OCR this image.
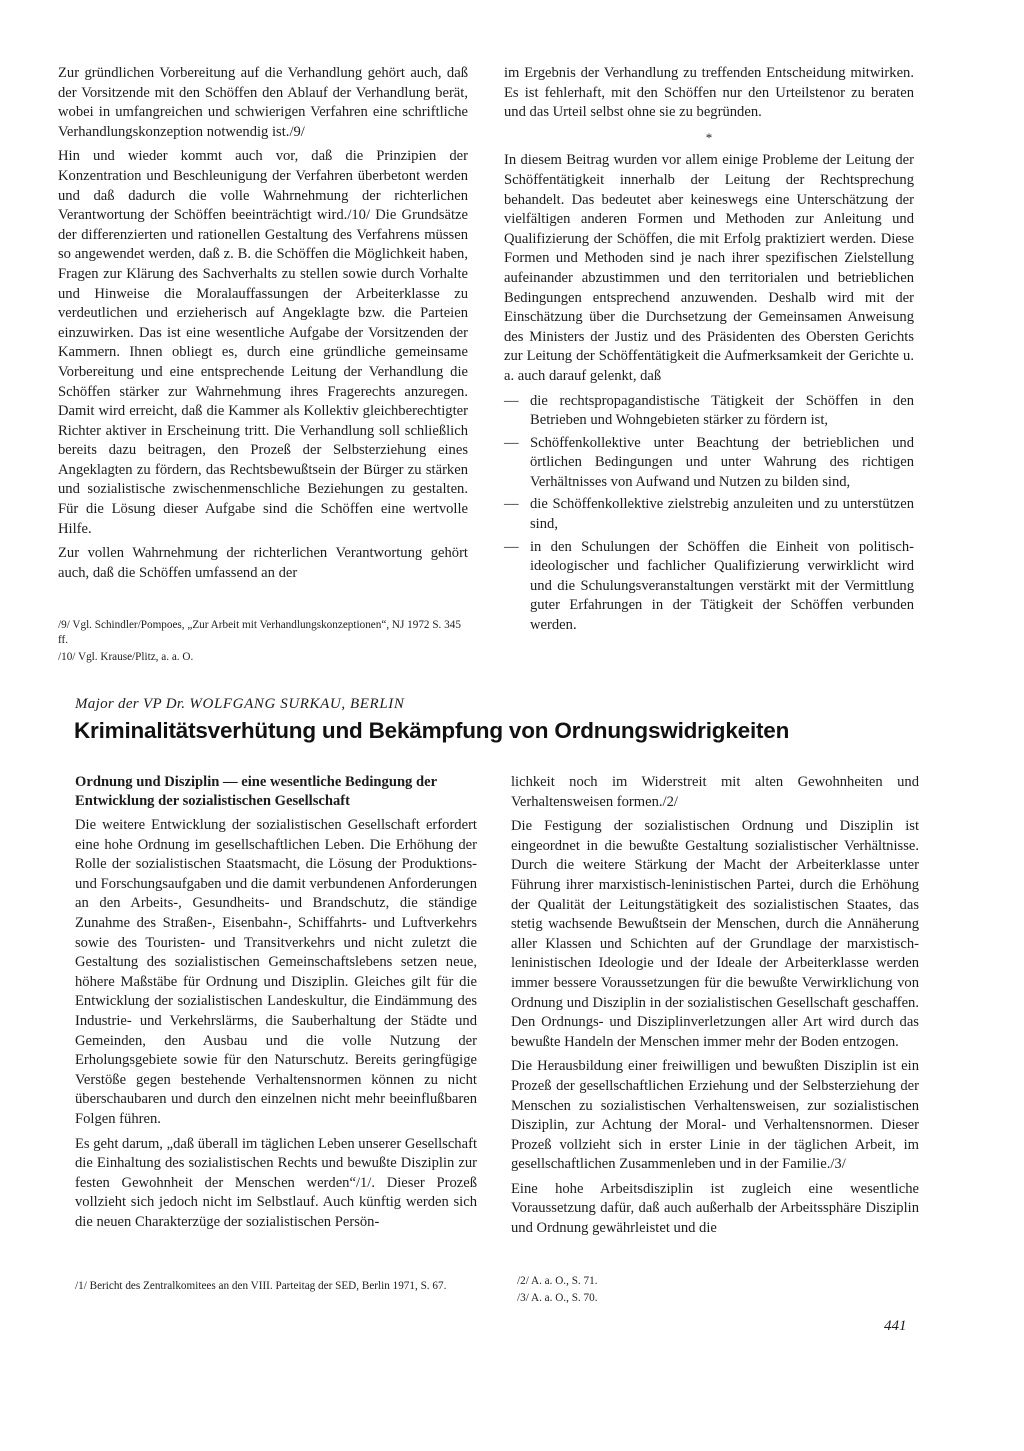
Zur gründlichen Vorbereitung auf die Verhandlung gehört auch, daß der Vorsitzende mit den Schöffen den Ablauf der Verhandlung berät, wobei in umfangreichen und schwierigen Verfahren eine schriftliche Verhandlungskonzeption notwendig ist./9/

Hin und wieder kommt auch vor, daß die Prinzipien der Konzentration und Beschleunigung der Verfahren überbetont werden und daß dadurch die volle Wahrnehmung der richterlichen Verantwortung der Schöffen beeinträchtigt wird./10/ Die Grundsätze der differenzierten und rationellen Gestaltung des Verfahrens müssen so angewendet werden, daß z. B. die Schöffen die Möglichkeit haben, Fragen zur Klärung des Sachverhalts zu stellen sowie durch Vorhalte und Hinweise die Moralauffassungen der Arbeiterklasse zu verdeutlichen und erzieherisch auf Angeklagte bzw. die Parteien einzuwirken. Das ist eine wesentliche Aufgabe der Vorsitzenden der Kammern. Ihnen obliegt es, durch eine gründliche gemeinsame Vorbereitung und eine entsprechende Leitung der Verhandlung die Schöffen stärker zur Wahrnehmung ihres Fragerechts anzuregen. Damit wird erreicht, daß die Kammer als Kollektiv gleichberechtigter Richter aktiver in Erscheinung tritt. Die Verhandlung soll schließlich bereits dazu beitragen, den Prozeß der Selbsterziehung eines Angeklagten zu fördern, das Rechtsbewußtsein der Bürger zu stärken und sozialistische zwischenmenschliche Beziehungen zu gestalten. Für die Lösung dieser Aufgabe sind die Schöffen eine wertvolle Hilfe.

Zur vollen Wahrnehmung der richterlichen Verantwortung gehört auch, daß die Schöffen umfassend an der

/9/ Vgl. Schindler/Pompoes, „Zur Arbeit mit Verhandlungskonzeptionen“, NJ 1972 S. 345 ff.

/10/ Vgl. Krause/Plitz, a. a. O.

im Ergebnis der Verhandlung zu treffenden Entscheidung mitwirken. Es ist fehlerhaft, mit den Schöffen nur den Urteilstenor zu beraten und das Urteil selbst ohne sie zu begründen.

*

In diesem Beitrag wurden vor allem einige Probleme der Leitung der Schöffentätigkeit innerhalb der Leitung der Rechtsprechung behandelt. Das bedeutet aber keineswegs eine Unterschätzung der vielfältigen anderen Formen und Methoden zur Anleitung und Qualifizierung der Schöffen, die mit Erfolg praktiziert werden. Diese Formen und Methoden sind je nach ihrer spezifischen Zielstellung aufeinander abzustimmen und den territorialen und betrieblichen Bedingungen entsprechend anzuwenden. Deshalb wird mit der Einschätzung über die Durchsetzung der Gemeinsamen Anweisung des Ministers der Justiz und des Präsidenten des Obersten Gerichts zur Leitung der Schöffentätigkeit die Aufmerksamkeit der Gerichte u. a. auch darauf gelenkt, daß

— die rechtspropagandistische Tätigkeit der Schöffen in den Betrieben und Wohngebieten stärker zu fördern ist,
— Schöffenkollektive unter Beachtung der betrieblichen und örtlichen Bedingungen und unter Wahrung des richtigen Verhältnisses von Aufwand und Nutzen zu bilden sind,
— die Schöffenkollektive zielstrebig anzuleiten und zu unterstützen sind,
— in den Schulungen der Schöffen die Einheit von politisch-ideologischer und fachlicher Qualifizierung verwirklicht wird und die Schulungsveranstaltungen verstärkt mit der Vermittlung guter Erfahrungen in der Tätigkeit der Schöffen verbunden werden.
Major der VP Dr. WOLFGANG SURKAU, BERLIN
Kriminalitätsverhütung und Bekämpfung von Ordnungswidrigkeiten

Ordnung und Disziplin — eine wesentliche Bedingung der Entwicklung der sozialistischen Gesellschaft

Die weitere Entwicklung der sozialistischen Gesellschaft erfordert eine hohe Ordnung im gesellschaftlichen Leben. Die Erhöhung der Rolle der sozialistischen Staatsmacht, die Lösung der Produktions- und Forschungsaufgaben und die damit verbundenen Anforderungen an den Arbeits-, Gesundheits- und Brandschutz, die ständige Zunahme des Straßen-, Eisenbahn-, Schiffahrts- und Luftverkehrs sowie des Touristen- und Transitverkehrs und nicht zuletzt die Gestaltung des sozialistischen Gemeinschaftslebens setzen neue, höhere Maßstäbe für Ordnung und Disziplin. Gleiches gilt für die Entwicklung der sozialistischen Landeskultur, die Eindämmung des Industrie- und Verkehrslärms, die Sauberhaltung der Städte und Gemeinden, den Ausbau und die volle Nutzung der Erholungsgebiete sowie für den Naturschutz. Bereits geringfügige Verstöße gegen bestehende Verhaltensnormen können zu nicht überschaubaren und durch den einzelnen nicht mehr beeinflußbaren Folgen führen.

Es geht darum, „daß überall im täglichen Leben unserer Gesellschaft die Einhaltung des sozialistischen Rechts und bewußte Disziplin zur festen Gewohnheit der Menschen werden“/1/. Dieser Prozeß vollzieht sich jedoch nicht im Selbstlauf. Auch künftig werden sich die neuen Charakterzüge der sozialistischen Persön-

/1/ Bericht des Zentralkomitees an den VIII. Parteitag der SED, Berlin 1971, S. 67.

lichkeit noch im Widerstreit mit alten Gewohnheiten und Verhaltensweisen formen./2/

Die Festigung der sozialistischen Ordnung und Disziplin ist eingeordnet in die bewußte Gestaltung sozialistischer Verhältnisse. Durch die weitere Stärkung der Macht der Arbeiterklasse unter Führung ihrer marxistisch-leninistischen Partei, durch die Erhöhung der Qualität der Leitungstätigkeit des sozialistischen Staates, das stetig wachsende Bewußtsein der Menschen, durch die Annäherung aller Klassen und Schichten auf der Grundlage der marxistisch-leninistischen Ideologie und der Ideale der Arbeiterklasse werden immer bessere Voraussetzungen für die bewußte Verwirklichung von Ordnung und Disziplin in der sozialistischen Gesellschaft geschaffen. Den Ordnungs- und Disziplinverletzungen aller Art wird durch das bewußte Handeln der Menschen immer mehr der Boden entzogen.

Die Herausbildung einer freiwilligen und bewußten Disziplin ist ein Prozeß der gesellschaftlichen Erziehung und der Selbsterziehung der Menschen zu sozialistischen Verhaltensweisen, zur sozialistischen Disziplin, zur Achtung der Moral- und Verhaltensnormen. Dieser Prozeß vollzieht sich in erster Linie in der täglichen Arbeit, im gesellschaftlichen Zusammenleben und in der Familie./3/

Eine hohe Arbeitsdisziplin ist zugleich eine wesentliche Voraussetzung dafür, daß auch außerhalb der Arbeitssphäre Disziplin und Ordnung gewährleistet und die

/2/ A. a. O., S. 71.

/3/ A. a. O., S. 70.

441
